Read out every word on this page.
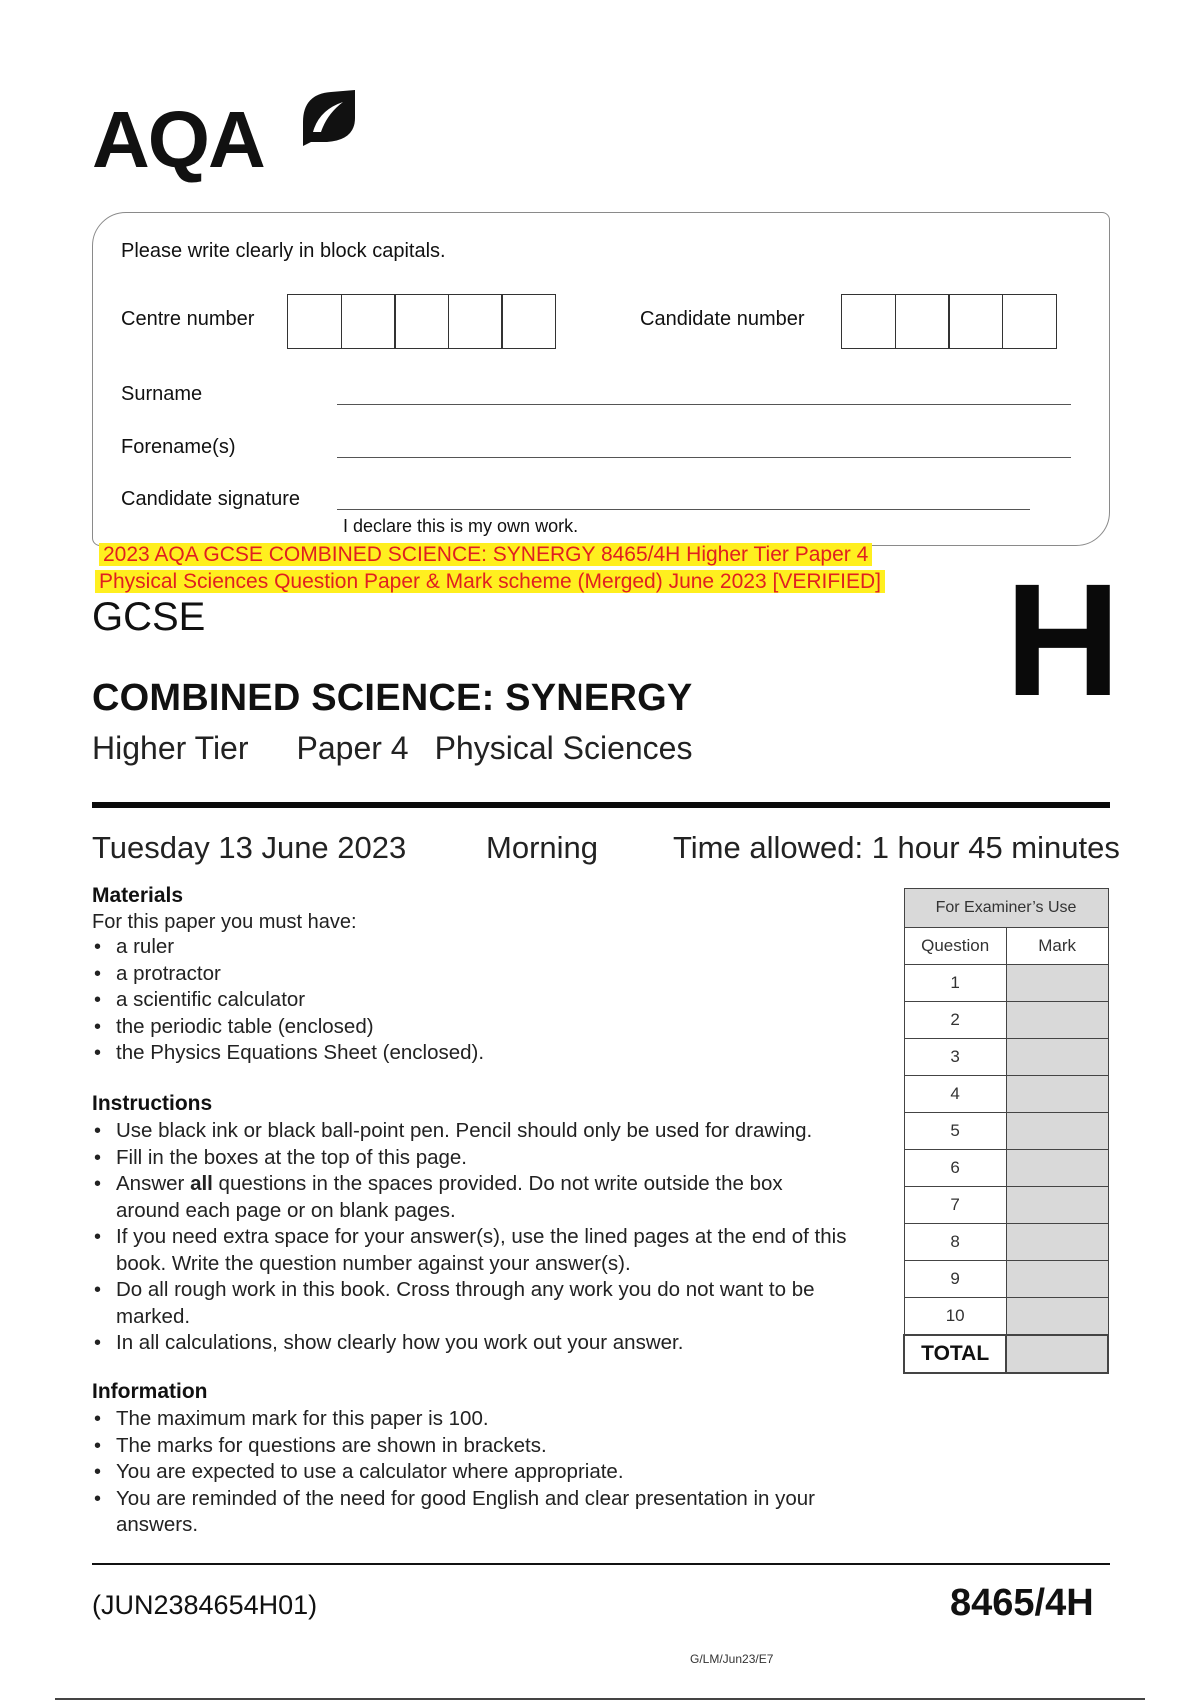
AQA
Please write clearly in block capitals.
Centre number	Candidate number
Surname
Forename(s)
Candidate signature
I declare this is my own work.
2023 AQA GCSE COMBINED SCIENCE: SYNERGY 8465/4H Higher Tier Paper 4
Physical Sciences Question Paper & Mark scheme (Merged) June 2023 [VERIFIED] H
GCSE
COMBINED SCIENCE: SYNERGY
Higher Tier Paper 4 Physical Sciences
Tuesday 13 June 2023	Morning Time allowed: 1 hour 45 minutes
Materials
For this paper you must have:
• a ruler
• a protractor
• a scientific calculator
• the periodic table (enclosed)
• the Physics Equations Sheet (enclosed).
Instructions
• Use black ink or black ball-point pen. Pencil should only be used for drawing.
• Fill in the boxes at the top of this page.
• Answer all questions in the spaces provided. Do not write outside the box around each page or on blank pages.
• If you need extra space for your answer(s), use the lined pages at the end of this book. Write the question number against your answer(s).
• Do all rough work in this book. Cross through any work you do not want to be marked.
• In all calculations, show clearly how you work out your answer.
Information
• The maximum mark for this paper is 100.
• The marks for questions are shown in brackets.
• You are expected to use a calculator where appropriate.
• You are reminded of the need for good English and clear presentation in your answers.
For Examiner’s Use	
Question	Mark
1	
2	
3	
4	
5	
6	
7	
8	
9	
10	
TOTAL	
(JUN2384654H01)	8465/4H
G/LM/Jun23/E7
